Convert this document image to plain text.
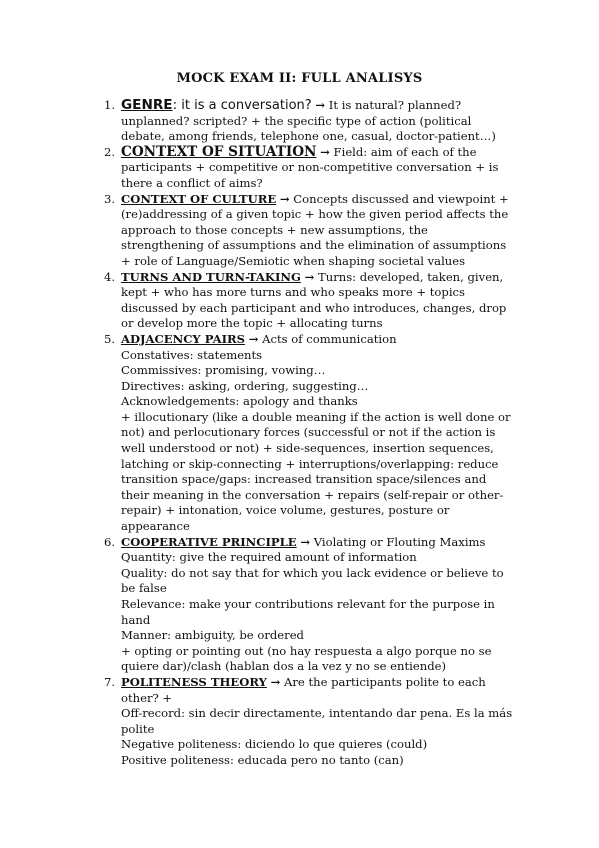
MOCK EXAM II: FULL ANALISYS
1. GENRE: it is a conversation? → It is natural? planned?
unplanned? scripted? + the specific type of action (political
debate, among friends, telephone one, casual, doctor-patient…)
2. CONTEXT OF SITUATION → Field: aim of each of the
participants + competitive or non-competitive conversation + is
there a conflict of aims?
3. CONTEXT OF CULTURE → Concepts discussed and viewpoint +
(re)addressing of a given topic + how the given period affects the
approach to those concepts + new assumptions, the
strengthening of assumptions and the elimination of assumptions
+ role of Language/Semiotic when shaping societal values
4. TURNS AND TURN-TAKING → Turns: developed, taken, given,
kept + who has more turns and who speaks more + topics
discussed by each participant and who introduces, changes, drop
or develop more the topic + allocating turns
5. ADJACENCY PAIRS → Acts of communication
Constatives: statements
Commissives: promising, vowing…
Directives: asking, ordering, suggesting…
Acknowledgements: apology and thanks
+ illocutionary (like a double meaning if the action is well done or
not) and perlocutionary forces (successful or not if the action is
well understood or not) + side-sequences, insertion sequences,
latching or skip-connecting + interruptions/overlapping: reduce
transition space/gaps: increased transition space/silences and
their meaning in the conversation + repairs (self-repair or other-
repair) + intonation, voice volume, gestures, posture or
appearance
6. COOPERATIVE PRINCIPLE → Violating or Flouting Maxims
Quantity: give the required amount of information
Quality: do not say that for which you lack evidence or believe to
be false
Relevance: make your contributions relevant for the purpose in
hand
Manner: ambiguity, be ordered
+ opting or pointing out (no hay respuesta a algo porque no se
quiere dar)/clash (hablan dos a la vez y no se entiende)
7. POLITENESS THEORY → Are the participants polite to each
other? +
Off-record: sin decir directamente, intentando dar pena. Es la más
polite
Negative politeness: diciendo lo que quieres (could)
Positive politeness: educada pero no tanto (can)
